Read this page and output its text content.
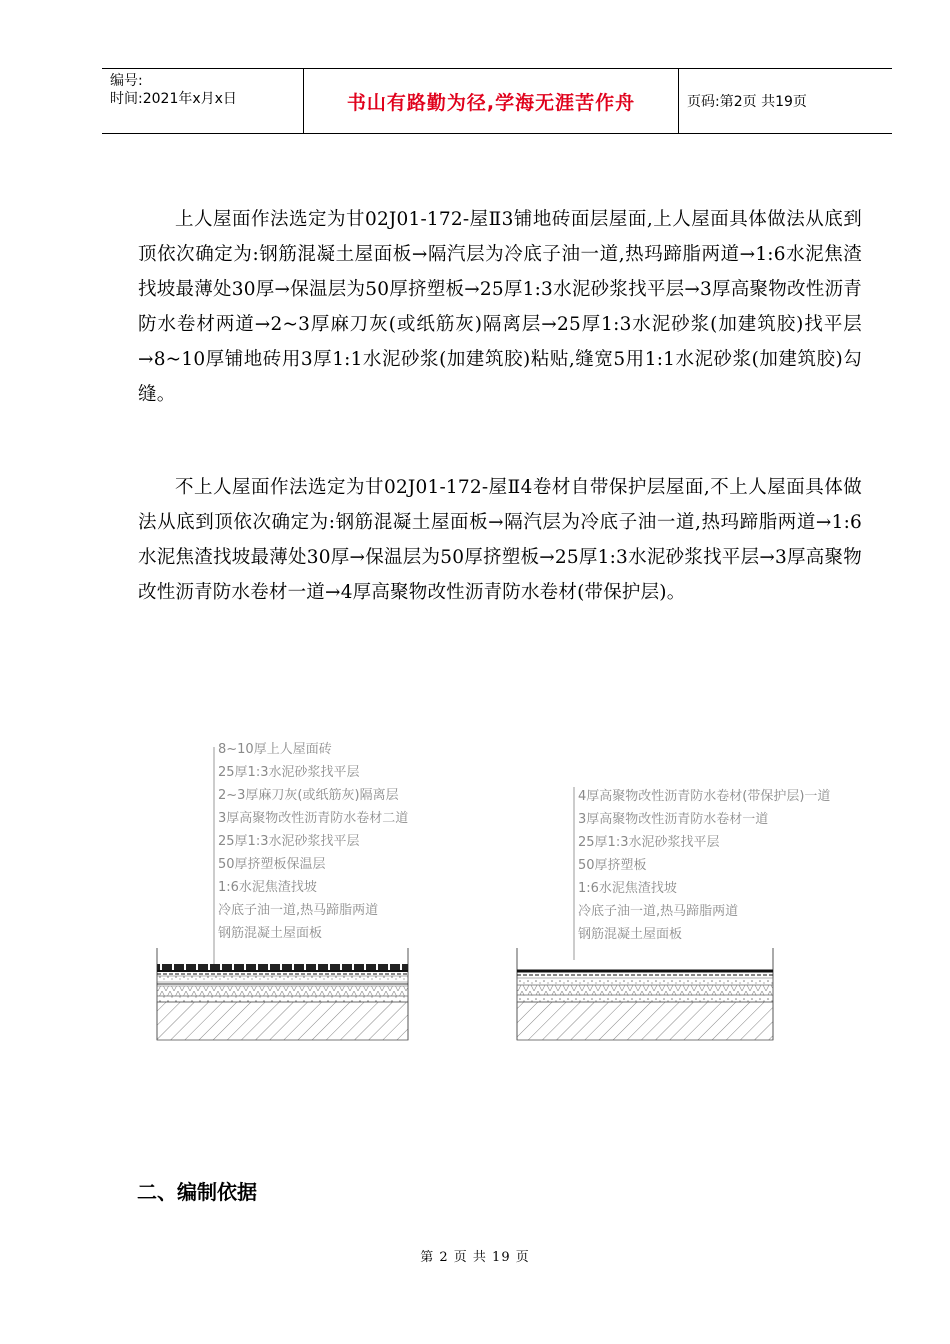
编号:
时间:2021年x月x日	书山有路勤为径,学海无涯苦作舟	页码:第2页 共19页

上人屋面作法选定为甘02J01-172-屋Ⅱ3铺地砖面层屋面,上人屋面具体做法从底到顶依次确定为:钢筋混凝土屋面板→隔汽层为冷底子油一道,热玛蹄脂两道→1:6水泥焦渣找坡最薄处30厚→保温层为50厚挤塑板→25厚1:3水泥砂浆找平层→3厚高聚物改性沥青防水卷材两道→2~3厚麻刀灰(或纸筋灰)隔离层→25厚1:3水泥砂浆(加建筑胶)找平层→8~10厚铺地砖用3厚1:1水泥砂浆(加建筑胶)粘贴,缝宽5用1:1水泥砂浆(加建筑胶)勾缝。

不上人屋面作法选定为甘02J01-172-屋Ⅱ4卷材自带保护层屋面,不上人屋面具体做法从底到顶依次确定为:钢筋混凝土屋面板→隔汽层为冷底子油一道,热玛蹄脂两道→1:6水泥焦渣找坡最薄处30厚→保温层为50厚挤塑板→25厚1:3水泥砂浆找平层→3厚高聚物改性沥青防水卷材一道→4厚高聚物改性沥青防水卷材(带保护层)。

8~10厚上人屋面砖
25厚1:3水泥砂浆找平层
2~3厚麻刀灰(或纸筋灰)隔离层
3厚高聚物改性沥青防水卷材二道
25厚1:3水泥砂浆找平层
50厚挤塑板保温层
1:6水泥焦渣找坡
冷底子油一道,热马蹄脂两道
钢筋混凝土屋面板
4厚高聚物改性沥青防水卷材(带保护层)一道
3厚高聚物改性沥青防水卷材一道
25厚1:3水泥砂浆找平层
50厚挤塑板
1:6水泥焦渣找坡
冷底子油一道,热马蹄脂两道
钢筋混凝土屋面板
二、编制依据
第 2 页 共 19 页
